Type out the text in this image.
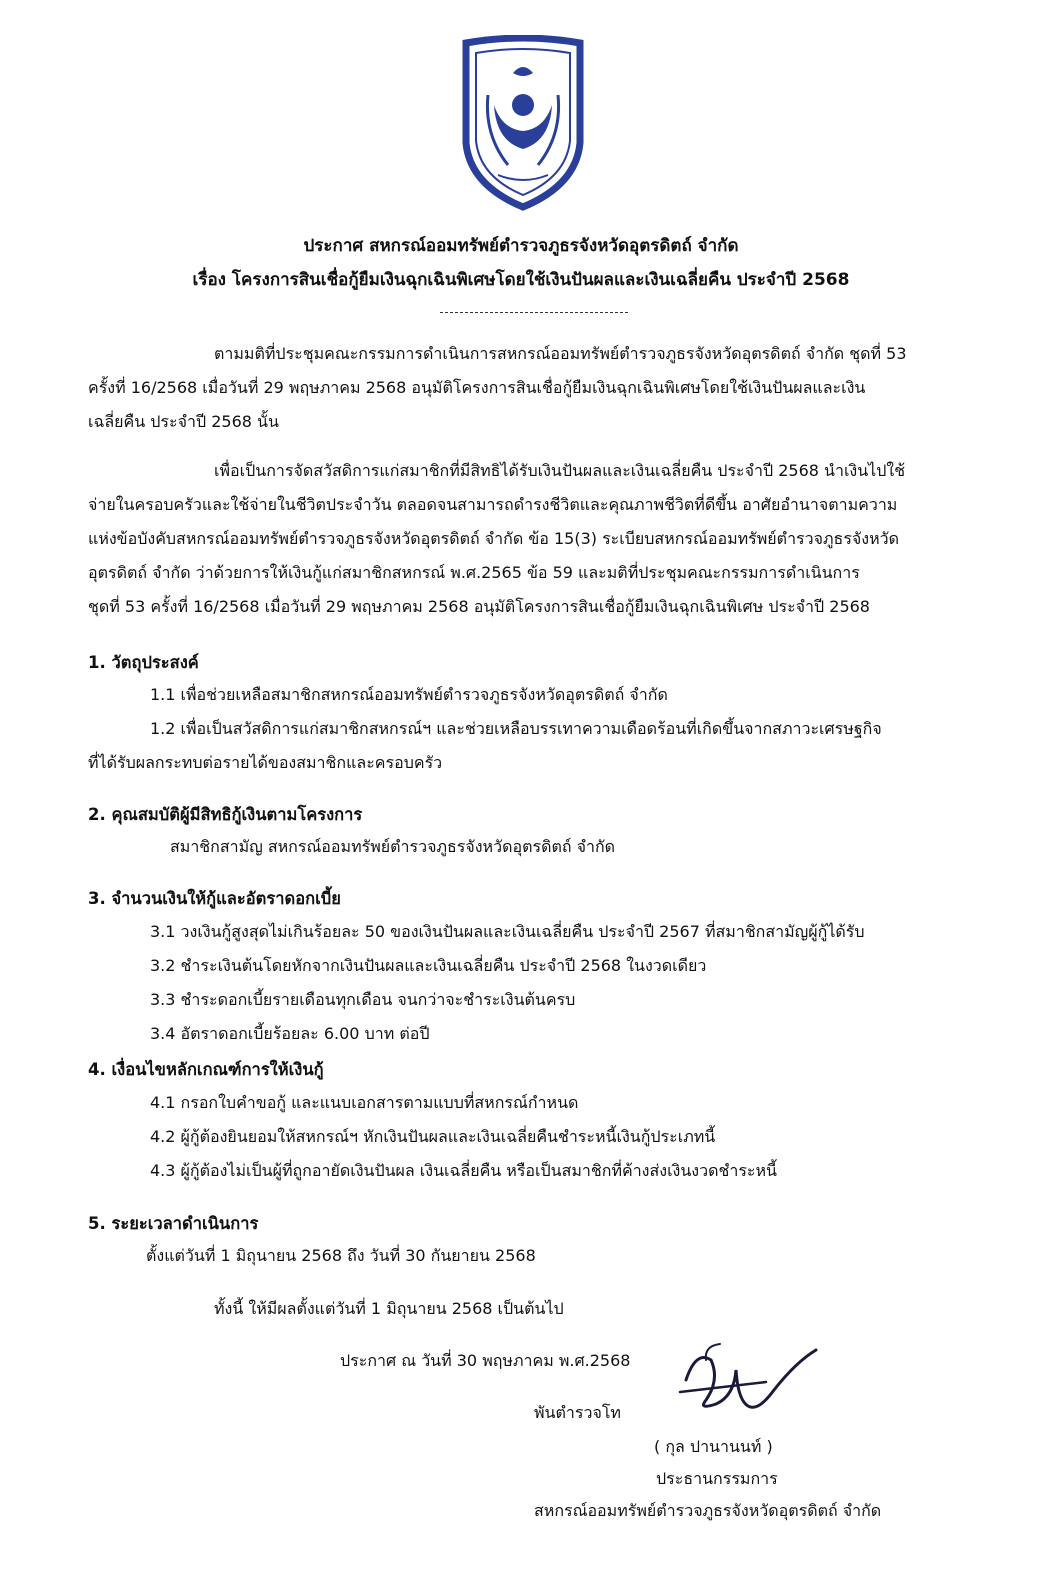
ประกาศ สหกรณ์ออมทรัพย์ตำรวจภูธรจังหวัดอุตรดิตถ์ จำกัด
เรื่อง โครงการสินเชื่อกู้ยืมเงินฉุกเฉินพิเศษโดยใช้เงินปันผลและเงินเฉลี่ยคืน ประจำปี 2568
ตามมติที่ประชุมคณะกรรมการดำเนินการสหกรณ์ออมทรัพย์ตำรวจภูธรจังหวัดอุตรดิตถ์ จำกัด ชุดที่ 53
ครั้งที่ 16/2568 เมื่อวันที่ 29 พฤษภาคม 2568 อนุมัติโครงการสินเชื่อกู้ยืมเงินฉุกเฉินพิเศษโดยใช้เงินปันผลและเงิน
เฉลี่ยคืน ประจำปี 2568 นั้น
เพื่อเป็นการจัดสวัสดิการแก่สมาชิกที่มีสิทธิได้รับเงินปันผลและเงินเฉลี่ยคืน ประจำปี 2568 นำเงินไปใช้
จ่ายในครอบครัวและใช้จ่ายในชีวิตประจำวัน ตลอดจนสามารถดำรงชีวิตและคุณภาพชีวิตที่ดีขึ้น อาศัยอำนาจตามความ
แห่งข้อบังคับสหกรณ์ออมทรัพย์ตำรวจภูธรจังหวัดอุตรดิตถ์ จำกัด ข้อ 15(3) ระเบียบสหกรณ์ออมทรัพย์ตำรวจภูธรจังหวัด
อุตรดิตถ์ จำกัด ว่าด้วยการให้เงินกู้แก่สมาชิกสหกรณ์ พ.ศ.2565 ข้อ 59 และมติที่ประชุมคณะกรรมการดำเนินการ
ชุดที่ 53 ครั้งที่ 16/2568 เมื่อวันที่ 29 พฤษภาคม 2568 อนุมัติโครงการสินเชื่อกู้ยืมเงินฉุกเฉินพิเศษ ประจำปี 2568
1. วัตถุประสงค์
1.1 เพื่อช่วยเหลือสมาชิกสหกรณ์ออมทรัพย์ตำรวจภูธรจังหวัดอุตรดิตถ์ จำกัด
1.2 เพื่อเป็นสวัสดิการแก่สมาชิกสหกรณ์ฯ และช่วยเหลือบรรเทาความเดือดร้อนที่เกิดขึ้นจากสภาวะเศรษฐกิจ
ที่ได้รับผลกระทบต่อรายได้ของสมาชิกและครอบครัว
2. คุณสมบัติผู้มีสิทธิกู้เงินตามโครงการ
สมาชิกสามัญ สหกรณ์ออมทรัพย์ตำรวจภูธรจังหวัดอุตรดิตถ์ จำกัด
3. จำนวนเงินให้กู้และอัตราดอกเบี้ย
3.1 วงเงินกู้สูงสุดไม่เกินร้อยละ 50 ของเงินปันผลและเงินเฉลี่ยคืน ประจำปี 2567 ที่สมาชิกสามัญผู้กู้ได้รับ
3.2 ชำระเงินต้นโดยหักจากเงินปันผลและเงินเฉลี่ยคืน ประจำปี 2568 ในงวดเดียว
3.3 ชำระดอกเบี้ยรายเดือนทุกเดือน จนกว่าจะชำระเงินต้นครบ
3.4 อัตราดอกเบี้ยร้อยละ 6.00 บาท ต่อปี
4. เงื่อนไขหลักเกณฑ์การให้เงินกู้
4.1 กรอกใบคำขอกู้ และแนบเอกสารตามแบบที่สหกรณ์กำหนด
4.2 ผู้กู้ต้องยินยอมให้สหกรณ์ฯ หักเงินปันผลและเงินเฉลี่ยคืนชำระหนี้เงินกู้ประเภทนี้
4.3 ผู้กู้ต้องไม่เป็นผู้ที่ถูกอายัดเงินปันผล เงินเฉลี่ยคืน หรือเป็นสมาชิกที่ค้างส่งเงินงวดชำระหนี้
5. ระยะเวลาดำเนินการ
ตั้งแต่วันที่ 1 มิถุนายน 2568 ถึง วันที่ 30 กันยายน 2568
ทั้งนี้ ให้มีผลตั้งแต่วันที่ 1 มิถุนายน 2568 เป็นต้นไป
ประกาศ ณ วันที่ 30 พฤษภาคม พ.ศ.2568
พันตำรวจโท
( กุล ปานานนท์ )
ประธานกรรมการ
สหกรณ์ออมทรัพย์ตำรวจภูธรจังหวัดอุตรดิตถ์ จำกัด
